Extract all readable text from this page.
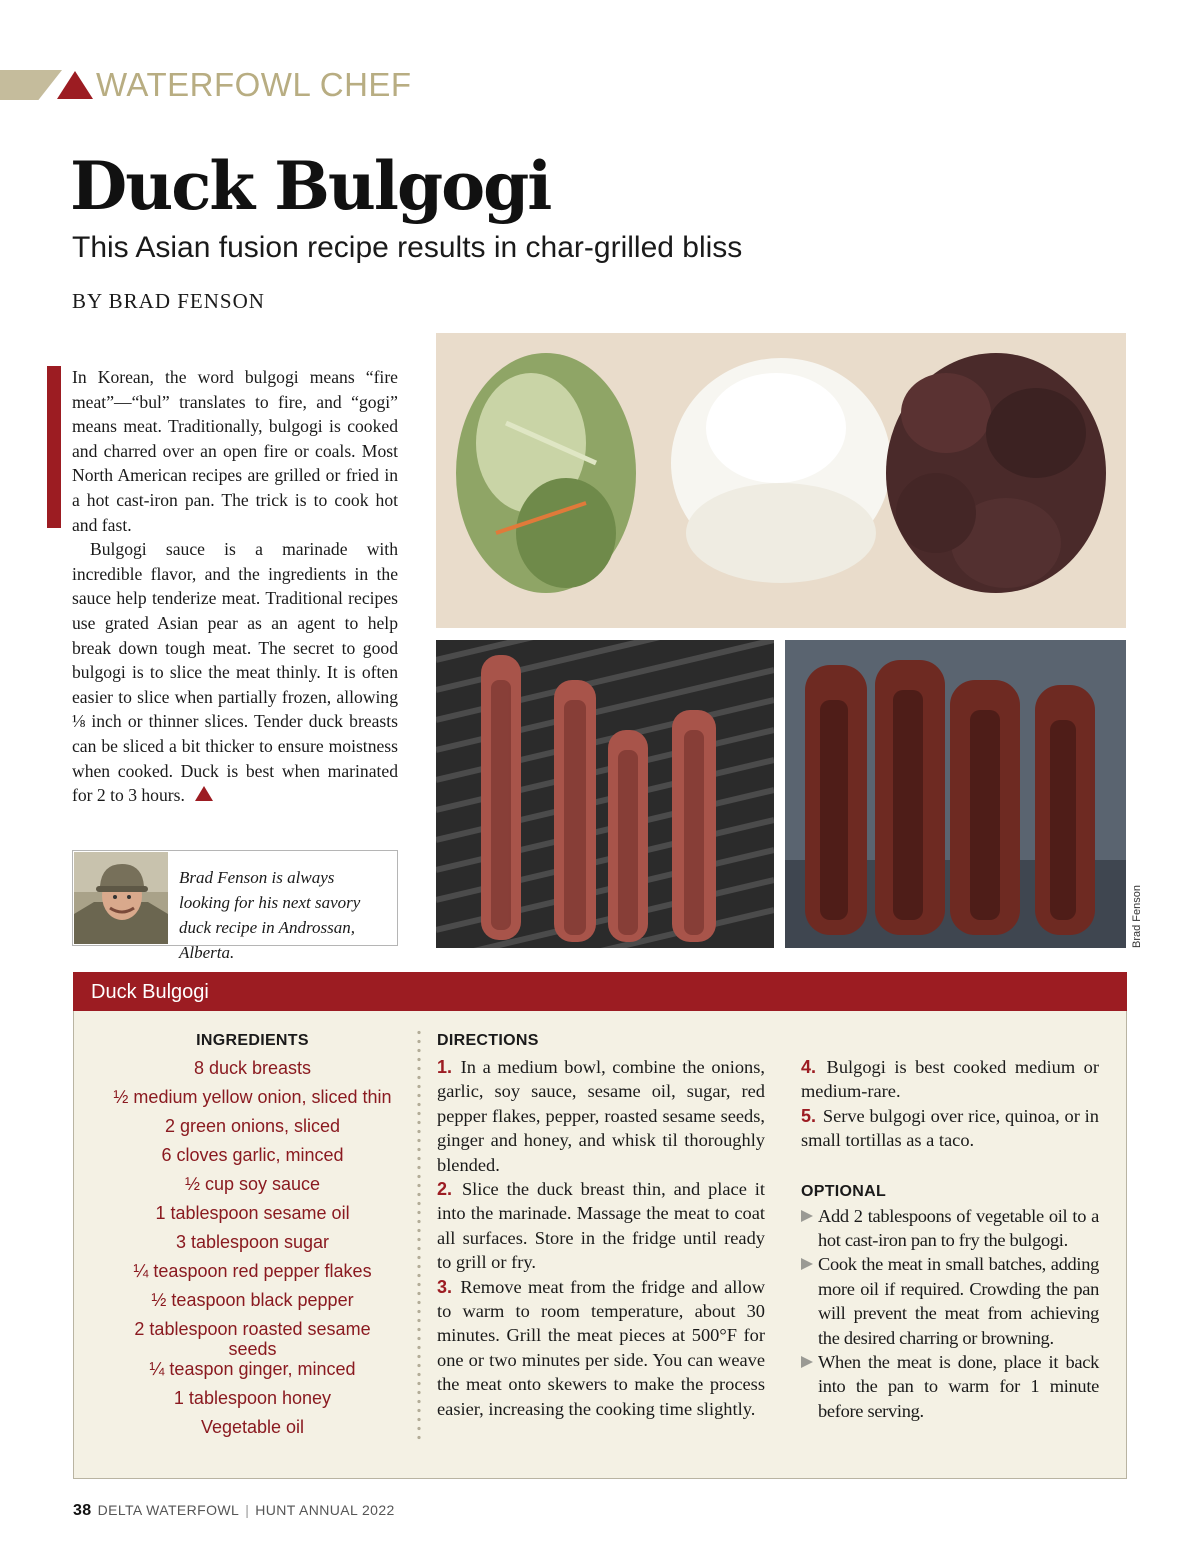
WATERFOWL CHEF
Duck Bulgogi
This Asian fusion recipe results in char-grilled bliss
BY BRAD FENSON

In Korean, the word bulgogi means “fire meat”—“bul” translates to fire, and “gogi” means meat. Traditionally, bulgogi is cooked and charred over an open fire or coals. Most North American recipes are grilled or fried in a hot cast-iron pan. The trick is to cook hot and fast.

Bulgogi sauce is a marinade with incredible flavor, and the ingredients in the sauce help tenderize meat. Traditional recipes use grated Asian pear as an agent to help break down tough meat. The secret to good bulgogi is to slice the meat thinly. It is often easier to slice when partially frozen, allowing ⅛ inch or thinner slices. Tender duck breasts can be sliced a bit thicker to ensure moistness when cooked. Duck is best when marinated for 2 to 3 hours.

Brad Fenson is always looking for his next savory duck recipe in Androssan, Alberta.
Brad Fenson
Duck Bulgogi
INGREDIENTS
8 duck breasts
½ medium yellow onion, sliced thin
2 green onions, sliced
6 cloves garlic, minced
½ cup soy sauce
1 tablespoon sesame oil
3 tablespoon sugar
¼ teaspoon red pepper flakes
½ teaspoon black pepper
2 tablespoon roasted sesame seeds
¼ teaspon ginger, minced
1 tablespoon honey
Vegetable oil
DIRECTIONS

1. In a medium bowl, combine the onions, garlic, soy sauce, sesame oil, sugar, red pepper flakes, pepper, roasted sesame seeds, ginger and honey, and whisk til thoroughly blended.

2. Slice the duck breast thin, and place it into the marinade. Massage the meat to coat all surfaces. Store in the fridge until ready to grill or fry.

3. Remove meat from the fridge and allow to warm to room temperature, about 30 minutes. Grill the meat pieces at 500°F for one or two minutes per side. You can weave the meat onto skewers to make the process easier, increasing the cooking time slightly.

4. Bulgogi is best cooked medium or medium-rare.

5. Serve bulgogi over rice, quinoa, or in small tortillas as a taco.

OPTIONAL
Add 2 tablespoons of vegetable oil to a hot cast-iron pan to fry the bulgogi.
Cook the meat in small batches, adding more oil if required. Crowding the pan will prevent the meat from achieving the desired charring or browning.
When the meat is done, place it back into the pan to warm for 1 minute before serving.
38 DELTA WATERFOWL | HUNT ANNUAL 2022
